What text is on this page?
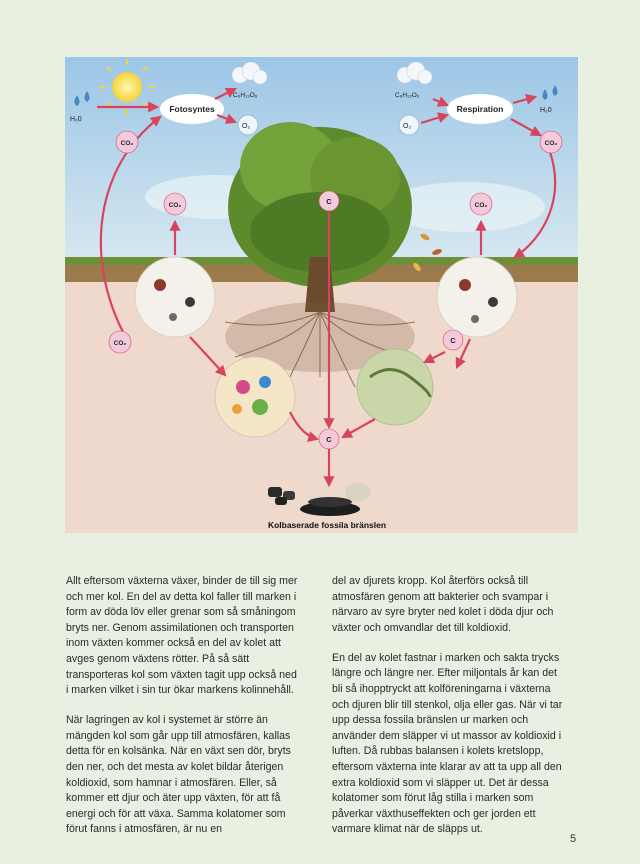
H₂0
H₂0
C₆H₁₂O₆	C₆H₁₂O₆
O₂	O₂
Fotosyntes	Respiration
CO₂
CO₂
CO₂
CO₂
CO₂
C
C
C
Kolbaserade fossila bränslen

Allt eftersom växterna växer, binder de till sig mer och mer kol. En del av detta kol faller till marken i form av döda löv eller grenar som så småningom bryts ner. Genom assimilationen och transporten inom växten kommer också en del av kolet att avges genom växtens rötter. På så sätt transporteras kol som växten tagit upp också ned i marken vilket i sin tur ökar markens kolinnehåll.

När lagringen av kol i systemet är större än mängden kol som går upp till atmosfären, kallas detta för en kolsänka. När en växt sen dör, bryts den ner, och det mesta av kolet bildar återigen koldioxid, som hamnar i atmosfären. Eller, så kommer ett djur och äter upp växten, för att få energi och för att växa. Samma kolatomer som förut fanns i atmosfären, är nu en

del av djurets kropp. Kol återförs också till atmosfären genom att bakterier och svampar i närvaro av syre bryter ned kolet i döda djur och växter och omvandlar det till koldioxid.

En del av kolet fastnar i marken och sakta trycks längre och längre ner. Efter miljontals år kan det bli så ihopptryckt att kolföreningarna i växterna och djuren blir till stenkol, olja eller gas. När vi tar upp dessa fossila bränslen ur marken och använder dem släpper vi ut massor av koldioxid i luften. Då rubbas balansen i kolets kretslopp, eftersom växterna inte klarar av att ta upp all den extra koldioxid som vi släpper ut. Det är dessa kolatomer som förut låg stilla i marken som påverkar växthuseffekten och ger jorden ett varmare klimat när de släpps ut.

5
